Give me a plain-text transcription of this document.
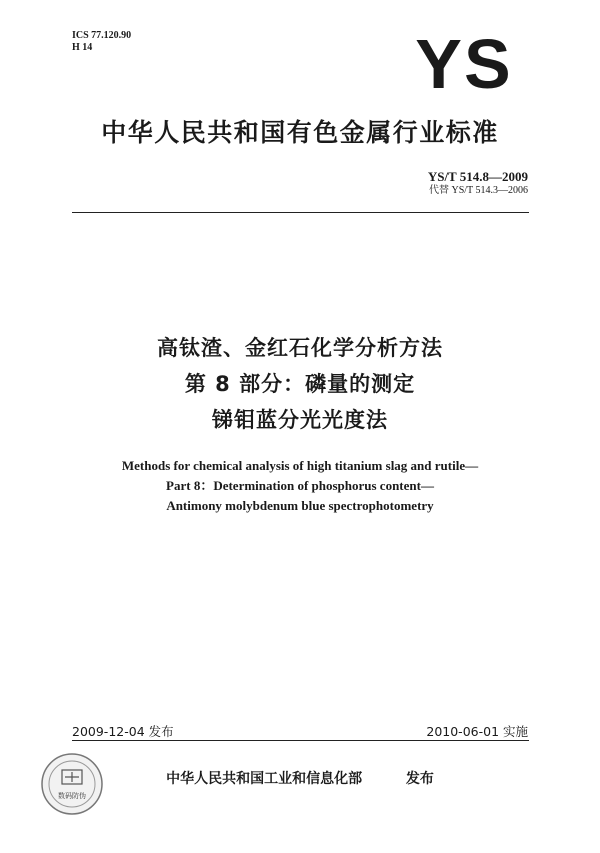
ICS 77.120.90
H 14	YS
中华人民共和国有色金属行业标准
YS/T 514.8—2009
代替 YS/T 514.3—2006
高钛渣、金红石化学分析方法
第 8 部分：磷量的测定
锑钼蓝分光光度法
Methods for chemical analysis of high titanium slag and rutile—
Part 8：Determination of phosphorus content—
Antimony molybdenum blue spectrophotometry
2009-12-04 发布	2010-06-01 实施
数码防伪
中华人民共和国工业和信息化部	发布
